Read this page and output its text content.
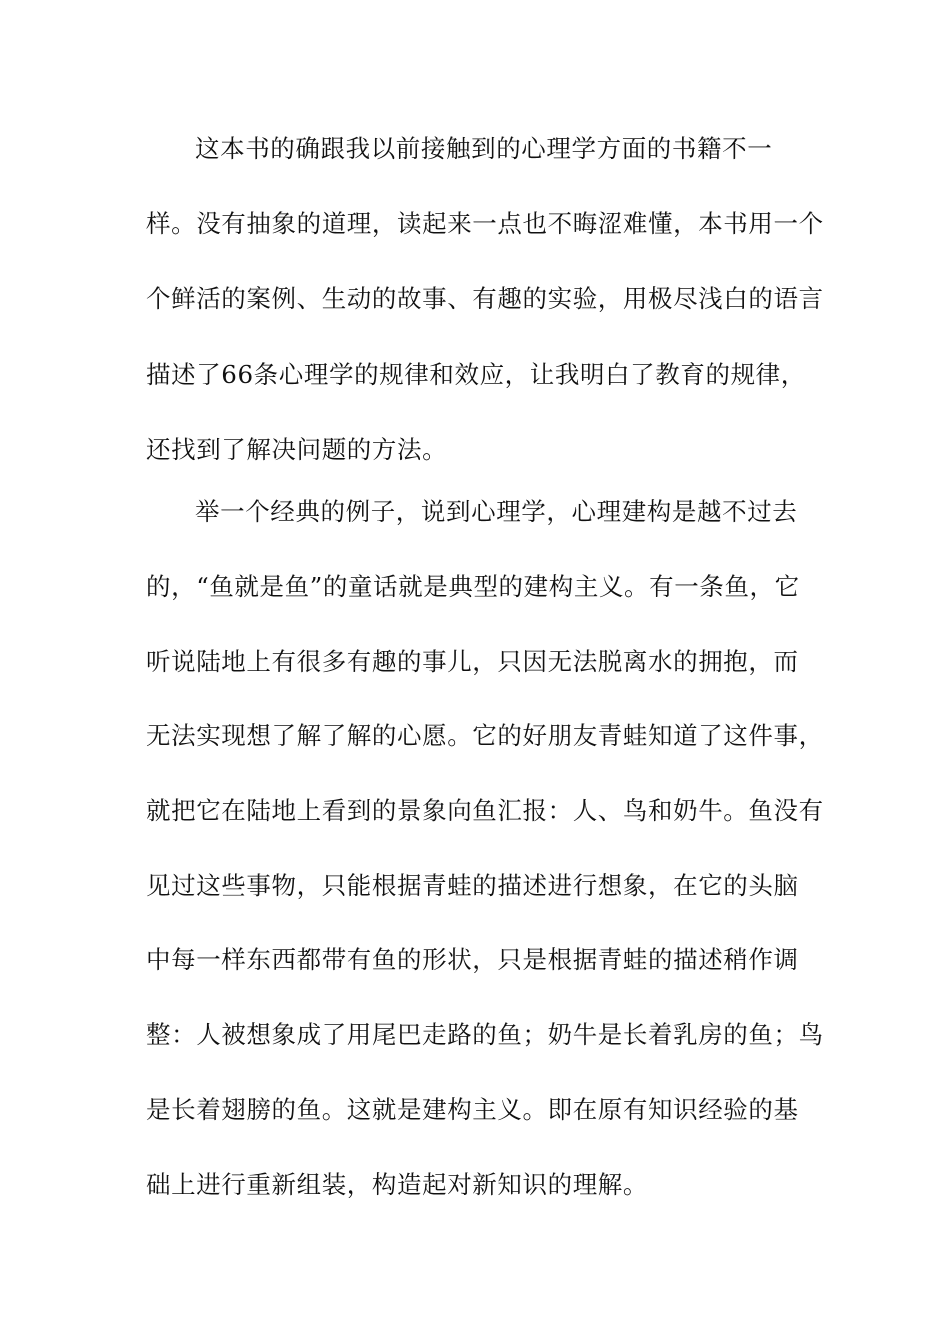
这本书的确跟我以前接触到的心理学方面的书籍不一
样。没有抽象的道理，读起来一点也不晦涩难懂，本书用一个
个鲜活的案例、生动的故事、有趣的实验，用极尽浅白的语言
描述了66条心理学的规律和效应，让我明白了教育的规律，
还找到了解决问题的方法。
举一个经典的例子，说到心理学，心理建构是越不过去
的，“鱼就是鱼”的童话就是典型的建构主义。有一条鱼，它
听说陆地上有很多有趣的事儿，只因无法脱离水的拥抱，而
无法实现想了解了解的心愿。它的好朋友青蛙知道了这件事，
就把它在陆地上看到的景象向鱼汇报：人、鸟和奶牛。鱼没有
见过这些事物，只能根据青蛙的描述进行想象，在它的头脑
中每一样东西都带有鱼的形状，只是根据青蛙的描述稍作调
整：人被想象成了用尾巴走路的鱼；奶牛是长着乳房的鱼；鸟
是长着翅膀的鱼。这就是建构主义。即在原有知识经验的基
础上进行重新组装，构造起对新知识的理解。
